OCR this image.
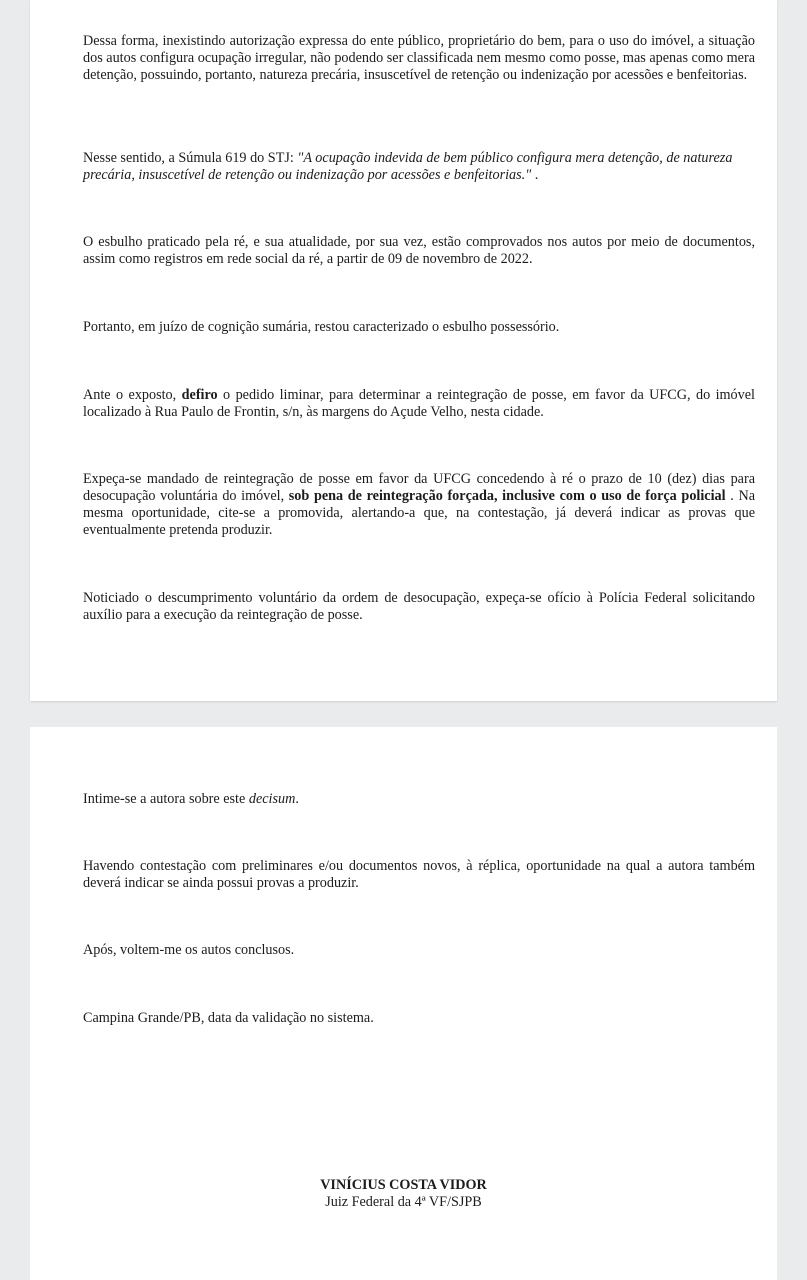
Dessa forma, inexistindo autorização expressa do ente público, proprietário do bem, para o uso do imóvel, a situação dos autos configura ocupação irregular, não podendo ser classificada nem mesmo como posse, mas apenas como mera detenção, possuindo, portanto, natureza precária, insuscetível de retenção ou indenização por acessões e benfeitorias.

Nesse sentido, a Súmula 619 do STJ: "A ocupação indevida de bem público configura mera detenção, de natureza precária, insuscetível de retenção ou indenização por acessões e benfeitorias." .

O esbulho praticado pela ré, e sua atualidade, por sua vez, estão comprovados nos autos por meio de documentos, assim como registros em rede social da ré, a partir de 09 de novembro de 2022.

Portanto, em juízo de cognição sumária, restou caracterizado o esbulho possessório.

Ante o exposto, defiro o pedido liminar, para determinar a reintegração de posse, em favor da UFCG, do imóvel localizado à Rua Paulo de Frontin, s/n, às margens do Açude Velho, nesta cidade.

Expeça-se mandado de reintegração de posse em favor da UFCG concedendo à ré o prazo de 10 (dez) dias para desocupação voluntária do imóvel, sob pena de reintegração forçada, inclusive com o uso de força policial . Na mesma oportunidade, cite-se a promovida, alertando-a que, na contestação, já deverá indicar as provas que eventualmente pretenda produzir.

Noticiado o descumprimento voluntário da ordem de desocupação, expeça-se ofício à Polícia Federal solicitando auxílio para a execução da reintegração de posse.

Intime-se a autora sobre este decisum.

Havendo contestação com preliminares e/ou documentos novos, à réplica, oportunidade na qual a autora também deverá indicar se ainda possui provas a produzir.

Após, voltem-me os autos conclusos.

Campina Grande/PB, data da validação no sistema.

VINÍCIUS COSTA VIDOR
Juiz Federal da 4ª VF/SJPB
